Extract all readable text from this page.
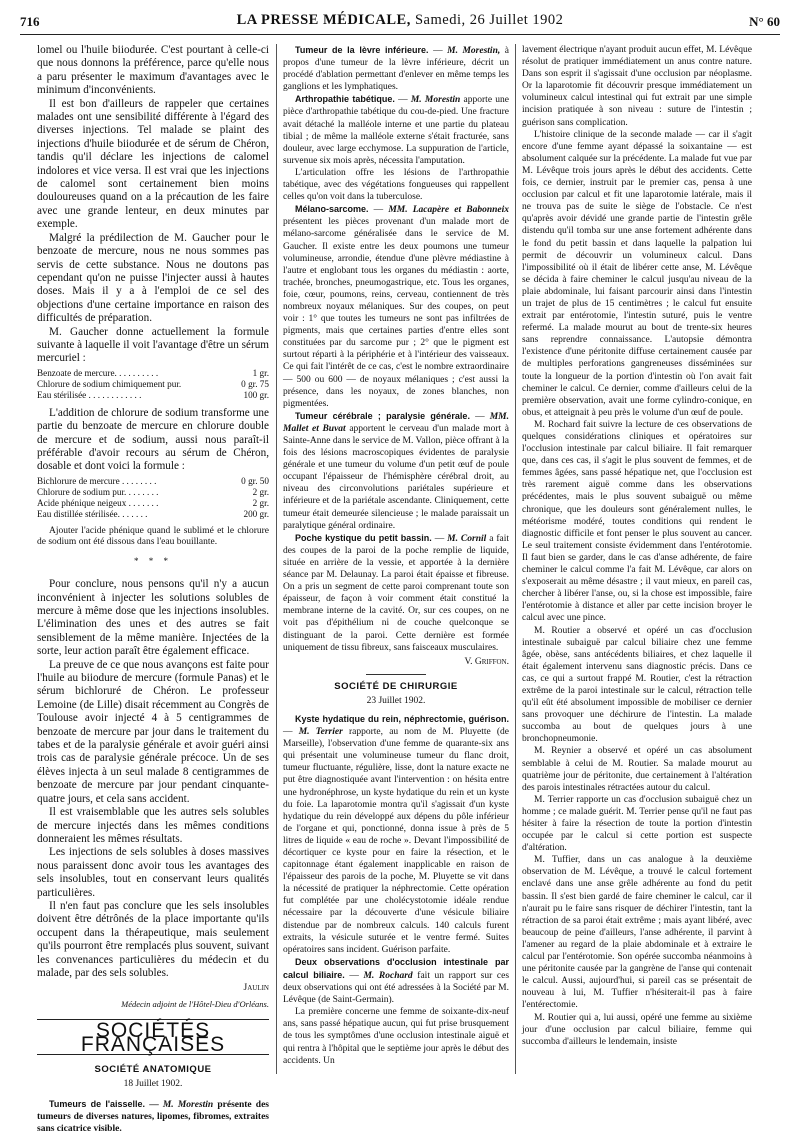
716	LA PRESSE MÉDICALE, Samedi, 26 Juillet 1902	N° 60

lomel ou l'huile biiodurée. C'est pourtant à celle-ci que nous donnons la préférence, parce qu'elle nous a paru présenter le maximum d'avantages avec le minimum d'inconvénients.

Il est bon d'ailleurs de rappeler que certaines malades ont une sensibilité différente à l'égard des diverses injections. Tel malade se plaint des injections d'huile biiodurée et de sérum de Chéron, tandis qu'il déclare les injections de calomel indolores et vice versa. Il est vrai que les injections de calomel sont certainement bien moins douloureuses quand on a la précaution de les faire avec une grande lenteur, en deux minutes par exemple.

Malgré la prédilection de M. Gaucher pour le benzoate de mercure, nous ne nous sommes pas servis de cette substance. Nous ne doutons pas cependant qu'on ne puisse l'injecter aussi à hautes doses. Mais il y a à l'emploi de ce sel des objections d'une certaine importance en raison des difficultés de préparation.

M. Gaucher donne actuellement la formule suivante à laquelle il voit l'avantage d'être un sérum mercuriel :

Benzoate de mercure. . . . . . . . . .	1 gr.
Chlorure de sodium chimiquement pur.	0 gr. 75
Eau stérilisée . . . . . . . . . . . .	100 gr.

L'addition de chlorure de sodium transforme une partie du benzoate de mercure en chlorure double de mercure et de sodium, aussi nous paraît-il préférable d'avoir recours au sérum de Chéron, dosable et dont voici la formule :

Bichlorure de mercure . . . . . . . .	0 gr. 50
Chlorure de sodium pur. . . . . . . .	2 gr.
Acide phénique neigeux . . . . . . .	2 gr.
Eau distillée stérilisée. . . . . . .	200 gr.

Ajouter l'acide phénique quand le sublimé et le chlorure de sodium ont été dissous dans l'eau bouillante.

* * *

Pour conclure, nous pensons qu'il n'y a aucun inconvénient à injecter les solutions solubles de mercure à même dose que les injections insolubles. L'élimination des unes et des autres se fait sensiblement de la même manière. Injectées de la sorte, leur action paraît être également efficace.

La preuve de ce que nous avançons est faite pour l'huile au biiodure de mercure (formule Panas) et le sérum bichloruré de Chéron. Le professeur Lemoine (de Lille) disait récemment au Congrès de Toulouse avoir injecté 4 à 5 centigrammes de benzoate de mercure par jour dans le traitement du tabes et de la paralysie générale et avoir guéri ainsi trois cas de paralysie générale précoce. Un de ses élèves injecta à un seul malade 8 centigrammes de benzoate de mercure par jour pendant cinquante-quatre jours, et cela sans accident.

Il est vraisemblable que les autres sels solubles de mercure injectés dans les mêmes conditions donneraient les mêmes résultats.

Les injections de sels solubles à doses massives nous paraissent donc avoir tous les avantages des sels insolubles, tout en conservant leurs qualités particulières.

Il n'en faut pas conclure que les sels insolubles doivent être détrônés de la place importante qu'ils occupent dans la thérapeutique, mais seulement qu'ils pourront être remplacés plus souvent, suivant les convenances particulières du médecin et du malade, par des sels solubles.

Jaulin
Médecin adjoint de l'Hôtel-Dieu d'Orléans.
SOCIÉTÉS FRANÇAISES
SOCIÉTÉ ANATOMIQUE
18 Juillet 1902.

Tumeurs de l'aisselle. — M. Morestin présente des tumeurs de diverses natures, lipomes, fibromes, extraites sans cicatrice visible.

Tumeur de la lèvre inférieure. — M. Morestin, à propos d'une tumeur de la lèvre inférieure, décrit un procédé d'ablation permettant d'enlever en même temps les ganglions et les lymphatiques.

Arthropathie tabétique. — M. Morestin apporte une pièce d'arthropathie tabétique du cou-de-pied. Une fracture avait détaché la malléole interne et une partie du plateau tibial ; de même la malléole externe s'était fracturée, sans douleur, avec large ecchymose. La suppuration de l'article, survenue six mois après, nécessita l'amputation.

L'articulation offre les lésions de l'arthropathie tabétique, avec des végétations fongueuses qui rappellent celles qu'on voit dans la tuberculose.

Mélano-sarcome. — MM. Lacapère et Babonneix présentent les pièces provenant d'un malade mort de mélano-sarcome généralisée dans le service de M. Gaucher. Il existe entre les deux poumons une tumeur volumineuse, arrondie, étendue d'une plèvre médiastine à l'autre et englobant tous les organes du médiastin : aorte, trachée, bronches, pneumogastrique, etc. Tous les organes, foie, cœur, poumons, reins, cerveau, contiennent de très nombreux noyaux mélaniques. Sur des coupes, on peut voir : 1° que toutes les tumeurs ne sont pas infiltrées de pigments, mais que certaines parties d'entre elles sont constituées par du sarcome pur ; 2° que le pigment est surtout réparti à la périphérie et à l'intérieur des vaisseaux. Ce qui fait l'intérêt de ce cas, c'est le nombre extraordinaire — 500 ou 600 — de noyaux mélaniques ; c'est aussi la présence, dans les noyaux, de zones blanches, non pigmentées.

Tumeur cérébrale ; paralysie générale. — MM. Mallet et Buvat apportent le cerveau d'un malade mort à Sainte-Anne dans le service de M. Vallon, pièce offrant à la fois des lésions macroscopiques évidentes de paralysie générale et une tumeur du volume d'un petit œuf de poule occupant l'épaisseur de l'hémisphère cérébral droit, au niveau des circonvolutions pariétales supérieure et inférieure et de la pariétale ascendante. Cliniquement, cette tumeur était demeurée silencieuse ; le malade paraissait un paralytique général ordinaire.

Poche kystique du petit bassin. — M. Cornil a fait des coupes de la paroi de la poche remplie de liquide, située en arrière de la vessie, et apportée à la dernière séance par M. Delaunay. La paroi était épaisse et fibreuse. On a pris un segment de cette paroi comprenant toute son épaisseur, de façon à voir comment était constitué la membrane interne de la cavité. Or, sur ces coupes, on ne voit pas d'épithélium ni de couche quelconque se distinguant de la paroi. Cette dernière est formée uniquement de tissu fibreux, sans faisceaux musculaires.

V. Griffon.
SOCIÉTÉ DE CHIRURGIE
23 Juillet 1902.

Kyste hydatique du rein, néphrectomie, guérison. — M. Terrier rapporte, au nom de M. Pluyette (de Marseille), l'observation d'une femme de quarante-six ans qui présentait une volumineuse tumeur du flanc droit, tumeur fluctuante, régulière, lisse, dont la nature exacte ne put être diagnostiquée avant l'intervention : on hésita entre une hydronéphrose, un kyste hydatique du rein et un kyste du foie. La laparotomie montra qu'il s'agissait d'un kyste hydatique du rein développé aux dépens du pôle inférieur de l'organe et qui, ponctionné, donna issue à près de 5 litres de liquide « eau de roche ». Devant l'impossibilité de décortiquer ce kyste pour en faire la résection, et le capitonnage étant également inapplicable en raison de l'épaisseur des parois de la poche, M. Pluyette se vit dans la nécessité de pratiquer la néphrectomie. Cette opération fut complétée par une cholécystotomie idéale rendue nécessaire par la découverte d'une vésicule biliaire distendue par de nombreux calculs. 140 calculs furent extraits, la vésicule suturée et le ventre fermé. Suites opératoires sans incident. Guérison parfaite.

Deux observations d'occlusion intestinale par calcul biliaire. — M. Rochard fait un rapport sur ces deux observations qui ont été adressées à la Société par M. Lévêque (de Saint-Germain).

La première concerne une femme de soixante-dix-neuf ans, sans passé hépatique aucun, qui fut prise brusquement de tous les symptômes d'une occlusion intestinale aiguë et qui rentra à l'hôpital que le septième jour après le début des accidents. Un

lavement électrique n'ayant produit aucun effet, M. Lévêque résolut de pratiquer immédiatement un anus contre nature. Dans son esprit il s'agissait d'une occlusion par néoplasme. Or la laparotomie fit découvrir presque immédiatement un volumineux calcul intestinal qui fut extrait par une simple incision pratiquée à son niveau : suture de l'intestin ; guérison sans complication.

L'histoire clinique de la seconde malade — car il s'agit encore d'une femme ayant dépassé la soixantaine — est absolument calquée sur la précédente. La malade fut vue par M. Lévêque trois jours après le début des accidents. Cette fois, ce dernier, instruit par le premier cas, pensa à une occlusion par calcul et fit une laparotomie latérale, mais il ne trouva pas de suite le siège de l'obstacle. Ce n'est qu'après avoir dévidé une grande partie de l'intestin grêle distendu qu'il tomba sur une anse fortement adhérente dans le fond du petit bassin et dans laquelle la palpation lui permit de découvrir un volumineux calcul. Dans l'impossibilité où il était de libérer cette anse, M. Lévêque se décida à faire cheminer le calcul jusqu'au niveau de la plaie abdominale, lui faisant parcourir ainsi dans l'intestin un trajet de plus de 15 centimètres ; le calcul fut ensuite extrait par entérotomie, l'intestin suturé, puis le ventre refermé. La malade mourut au bout de trente-six heures sans reprendre connaissance. L'autopsie démontra l'existence d'une péritonite diffuse certainement causée par de multiples perforations gangreneuses disséminées sur toute la longueur de la portion d'intestin où l'on avait fait cheminer le calcul. Ce dernier, comme d'ailleurs celui de la première observation, avait une forme cylindro-conique, en obus, et atteignait à peu près le volume d'un œuf de poule.

M. Rochard fait suivre la lecture de ces observations de quelques considérations cliniques et opératoires sur l'occlusion intestinale par calcul biliaire. Il fait remarquer que, dans ces cas, il s'agit le plus souvent de femmes, et de femmes âgées, sans passé hépatique net, que l'occlusion est très rarement aiguë comme dans les observations précédentes, mais le plus souvent subaiguë ou même chronique, que les douleurs sont généralement nulles, le météorisme modéré, toutes conditions qui rendent le diagnostic difficile et font penser le plus souvent au cancer. Le seul traitement consiste évidemment dans l'entérotomie. Il faut bien se garder, dans le cas d'anse adhérente, de faire cheminer le calcul comme l'a fait M. Lévêque, car alors on s'exposerait au même désastre ; il vaut mieux, en pareil cas, chercher à libérer l'anse, ou, si la chose est impossible, faire l'entérotomie à distance et aller par cette incision broyer le calcul avec une pince.

M. Routier a observé et opéré un cas d'occlusion intestinale subaiguë par calcul biliaire chez une femme âgée, obèse, sans antécédents biliaires, et chez laquelle il était également intervenu sans diagnostic précis. Dans ce cas, ce qui a surtout frappé M. Routier, c'est la rétraction extrême de la paroi intestinale sur le calcul, rétraction telle qu'il eût été absolument impossible de mobiliser ce dernier sans provoquer une déchirure de l'intestin. La malade succomba au bout de quelques jours à une bronchopneumonie.

M. Reynier a observé et opéré un cas absolument semblable à celui de M. Routier. Sa malade mourut au quatrième jour de péritonite, due certainement à l'altération des parois intestinales rétractées autour du calcul.

M. Terrier rapporte un cas d'occlusion subaiguë chez un homme ; ce malade guérit. M. Terrier pense qu'il ne faut pas hésiter à faire la résection de toute la portion d'intestin occupée par le calcul si cette portion est suspecte d'altération.

M. Tuffier, dans un cas analogue à la deuxième observation de M. Lévêque, a trouvé le calcul fortement enclavé dans une anse grêle adhérente au fond du petit bassin. Il s'est bien gardé de faire cheminer le calcul, car il n'aurait pu le faire sans risquer de déchirer l'intestin, tant la rétraction de sa paroi était extrême ; mais ayant libéré, avec beaucoup de peine d'ailleurs, l'anse adhérente, il parvint à l'amener au regard de la plaie abdominale et à extraire le calcul par l'entérotomie. Son opérée succomba néanmoins à une péritonite causée par la gangrène de l'anse qui contenait le calcul. Aussi, aujourd'hui, si pareil cas se présentait de nouveau à lui, M. Tuffier n'hésiterait-il pas à faire l'entérectomie.

M. Routier qui a, lui aussi, opéré une femme au sixième jour d'une occlusion par calcul biliaire, femme qui succomba d'ailleurs le lendemain, insiste
